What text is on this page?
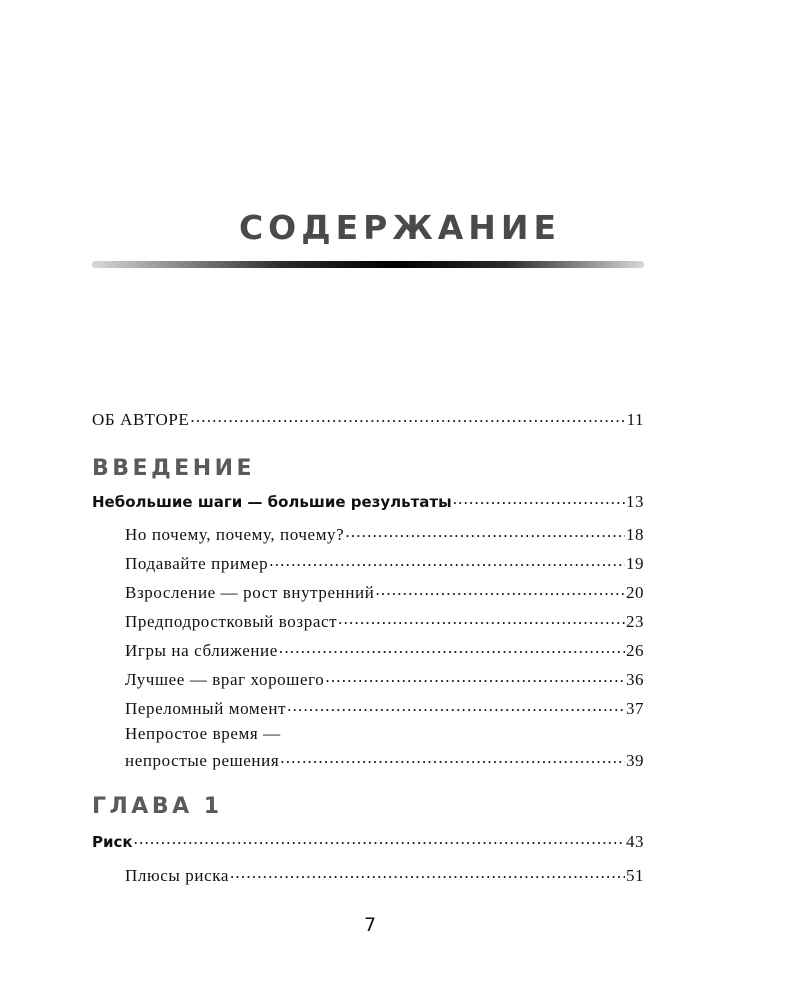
СОДЕРЖАНИЕ
ОБ АВТОРЕ .....	11
ВВЕДЕНИЕ
Небольшие шаги — большие результаты .....	13
Но почему, почему, почему? .....	18
Подавайте пример .....	19
Взросление — рост внутренний .....	20
Предподростковый возраст .....	23
Игры на сближение .....	26
Лучшее — враг хорошего .....	36
Переломный момент .....	37
Непростое время —
непростые решения .....	39
ГЛАВА 1
Риск .....	43
Плюсы риска .....	51
7
